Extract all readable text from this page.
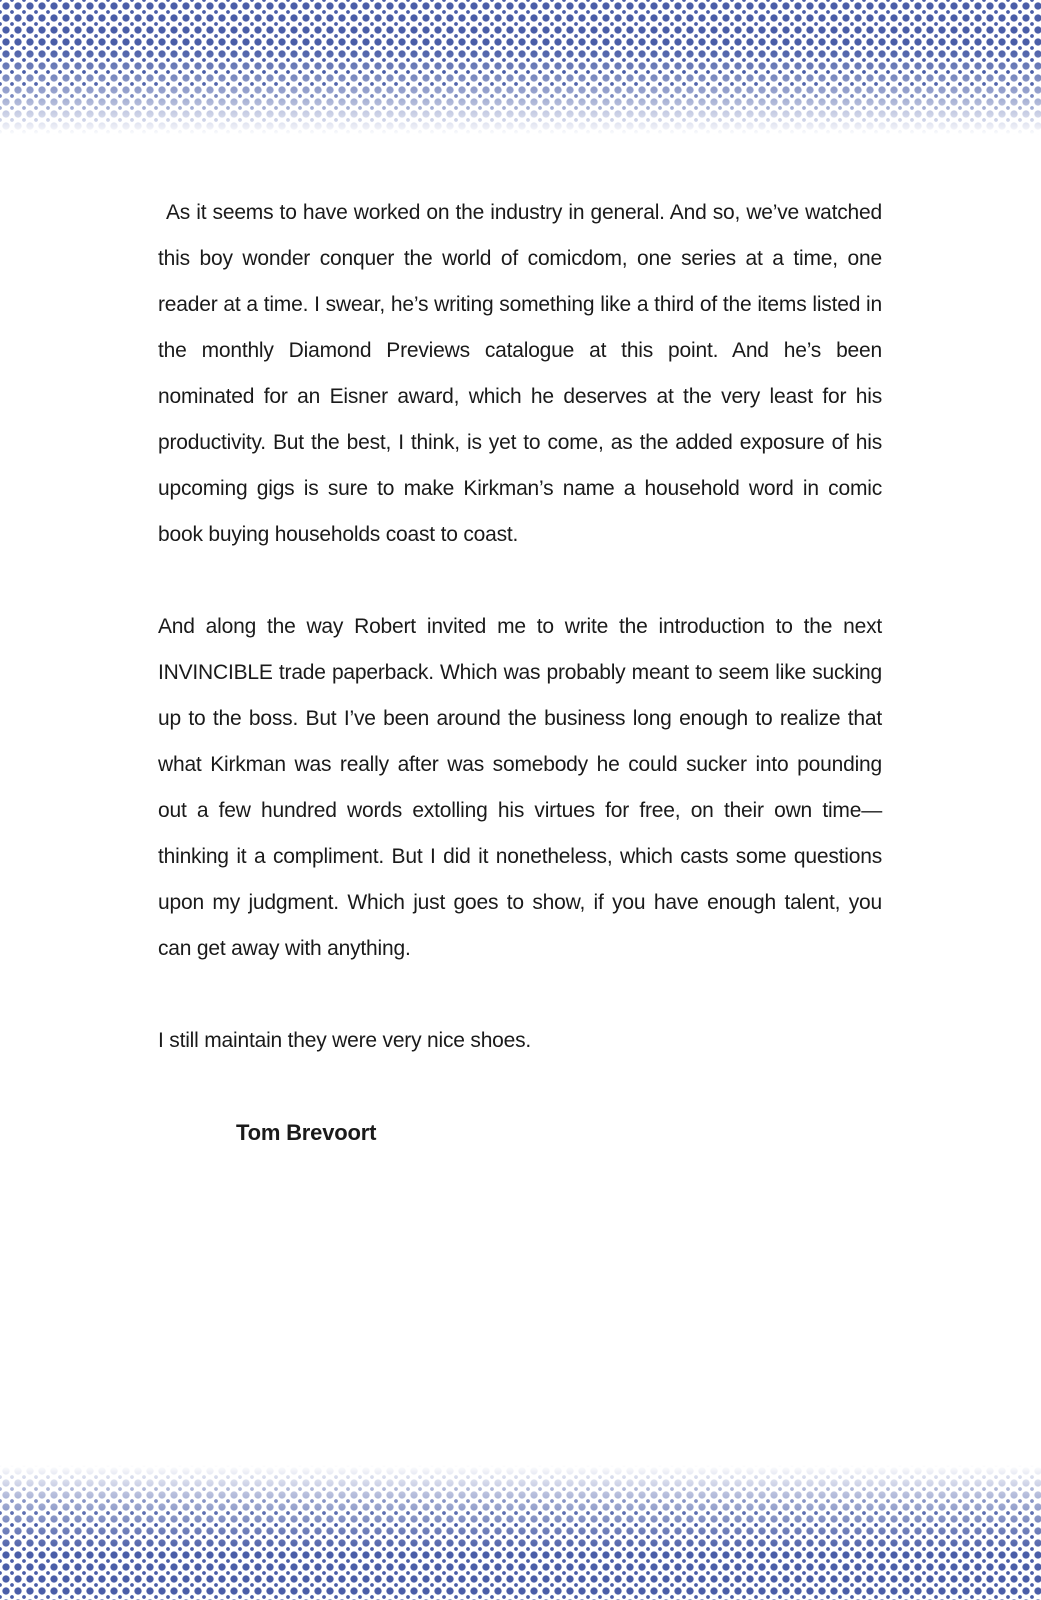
As it seems to have worked on the industry in general. And so, we’ve watched this boy wonder conquer the world of comicdom, one series at a time, one reader at a time. I swear, he’s writing something like a third of the items listed in the monthly Diamond Previews catalogue at this point. And he’s been nominated for an Eisner award, which he deserves at the very least for his productivity. But the best, I think, is yet to come, as the added exposure of his upcoming gigs is sure to make Kirkman’s name a household word in comic book buying households coast to coast.

And along the way Robert invited me to write the introduction to the next INVINCIBLE trade paperback. Which was probably meant to seem like sucking up to the boss. But I’ve been around the business long enough to realize that what Kirkman was really after was somebody he could sucker into pounding out a few hundred words extolling his virtues for free, on their own time—thinking it a compliment. But I did it nonetheless, which casts some questions upon my judgment. Which just goes to show, if you have enough talent, you can get away with anything.

I still maintain they were very nice shoes.

Tom Brevoort
